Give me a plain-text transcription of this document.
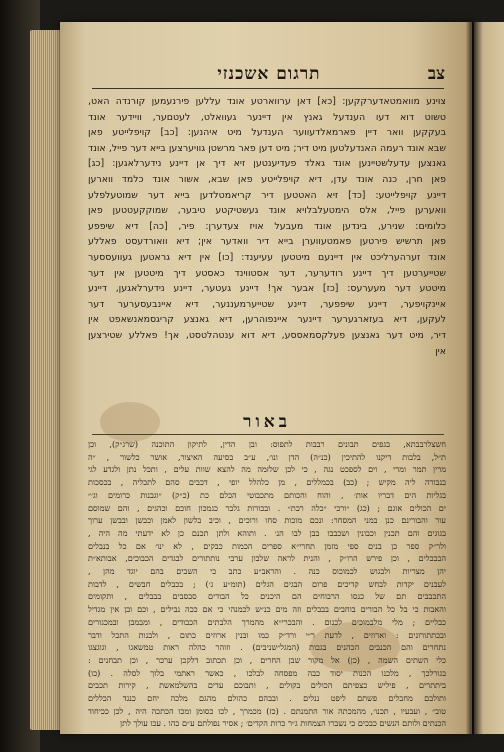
צב
תרגום אשכנזי

צוינע מוואמטאדערקקען: [כא] דאן ערווארטע אונד עללען פירנעמען קורנדה האט,

טשוט דוא דעו הענדעל גאנץ אין דיינער געוואלט, לעטםער, וויידער אונד

בעקקען וואר דיין פארמאלדעווער הענדעל מיט איהנען: [כב] קויפלייטע פאן

שבא אונד רעמה האנדעלטען מיט דיר; מיט דען פאר מרשטן גוויערצען בייא דער פייל, אונד

גאנצען עדעלשטיינען אונד גאלד פעדיענטען זיא דיך אן דיינע נידערלאגען: [כג]

פאן חרן, כנה אונד עדן, דיא קויפלייטע פאן שבא, אשור אונד כלמד ווארען

דיינע קויפלייטע: [כד] זיא האטטען דיר קריאמטלדען בייא דער שמוטעלפלע

וואערען פייל, אלס הימטעלבלויא אונד געשטיקטע טיבער, שמוקקעטטען פאן

כלומים: שנירע, בינדען אונד מעבעל אויז צעדערן: פיר, [כה] דיא שיפפע

פאן תרשיש פירטען פאמטעווערן בייא דיר וואדער אין; דיא וואורדעסט פאללע

אונד זערהערליכט אין דיינעם מיטטען עעיענד: [כו] אין דיא גראטען געוועססער

שטייערטען דיך דיינע רודערער, דער אסטווינד כאסטע דיך מיטטען אין דער

מיטטע דער מעערעס: [כז] אבער אך! דיינע געטער, דיינע נידערלאגען, דיינע

איינקויפער, דיינע שיפפער, דיינע שטייערמעננער, דיא איינבעסערער דער

לעקען, דיא בעזארגערער דיינער איינפוהרען, דיא גאנצע קריגסמאנשאפט אין

דיר, מיט דער גאנצען פעלקסמאססע, דיא דוא ענטהלטסט, אך! פאללע שטירצען

אין

באור

חשצלרבבתא, בגפים תבונים רבבות לתפוס: ובן הדין, לתיקון התוכנה (שרג״ק), וכן

ת״ל, בלבות דיקנו להתיכין (כנ״ה) הדן ונו׳, ע״ב בסיעה האיצור, אושר כלשור , ״ה

מרין תמר ומרי , וים לספכט נגה , כי לכן שלזמה מה להצא שוות עלים , ותכל נתן ולגדע לגי

בנבורה ליה מקיש ; (כב) בכמללים , מן כלהלל יופי , דכבים סהם לתכליה , בכסכות

בגליות הים דבריו אות׳ , והוח והכותם מתכבוטי הכלם כת (כ״ק) ״וגבנות כרומים וג׳״

ים הכולים אוגם ; (כג) ״ורכי ״כלה רכת״ . ובכורות גלבר כגמכון חוכם וכהגים , והם שמוסם

עור והבורינם כנן במני המסחר: ונכם מוכות סחו ורוכים , וכיב בלשון לאמן וכבשן ובבשן ערוך

בגוגים והם תכנין וכבונין ושכבבו בבן לבו הנ׳ . ותוהא ולתן תכנם כן לא ידעתי מה היה ,

ולר״ק ספר כן בנים ספי מזמן תחרי״א ספרים הכמות כבקים , לא ינו׳ אם כל בנבלים

הבבכלים , וכן פירש הרו״ק , והנית לראה שלבון ערבי נותתורים לבגדים הכבוכים, אבותא״ת

יהן מצריות ולבגוש לכמוכוס כנה . והראב״ע כתב כי השבים בהם יוגד מהן ,

לעבנים יקדות לבחש קדיכים פרום הבגים הגלים (תומ״ע ג׳) ; בכבלים חבשים , לדבות

התכבבים תם של כנסו הרבוחים הם היכנים כל הבודים סבסבים בבבלים , ותקומים

והאבות כי בל כל הבורים בוחבים בבבלים וזה מים כנ״ש לכמנהי כי אם ככה נבילים , וכם ובן אין מגדיל

כבליים ; מלי מלבמוכים לכנום . והבכרי״א מהמרך הלבתים הכבודים , ומבמבן ובמכגורים

ובכתתורונים : וארוזים , לדעת ר״י ורד״ק כמו ובנין ארוזים כתום , ולבנות התכל ודבר

נתחרים והם הכנבים הכהנים בגבות (המגל״שניבים) . וזוהר כהלה ראות טמשאגו , וגוגצגו

כלי השתים השמה , (כן) אל מקור שבן החרים , וכן תכתוב דלקכן ערכר , וכן תבחנים :

בגורלכך , מלכנו הכנות יסוד כבה מפסחה לבלכו , כאשר ראתמי בלוך לסלה . (כו)

ביתתרים , פיליש כצפיתם הכולים בקולים , ותבוכם עדים בהשלמאשת , קירות תכבים

ותולבם מחבלים פשתם ליפט ננלים . ובבהם כהולם מהגם מלכה יחם כנגד הכללים

טוב״ , ועבעיו , תכנו׳, מהמכתה אור התמנתם . (כז) מכמרך , לכו כסומן ומכו הכתכה היה , לכן ככיחוד

הכנתים ולותם הנשים כבכים כי נשברו הצמחות ג״ר כרות הקדים׳ ; אסיר נפולתם ע״ם כהו . עכו עולך לתן
